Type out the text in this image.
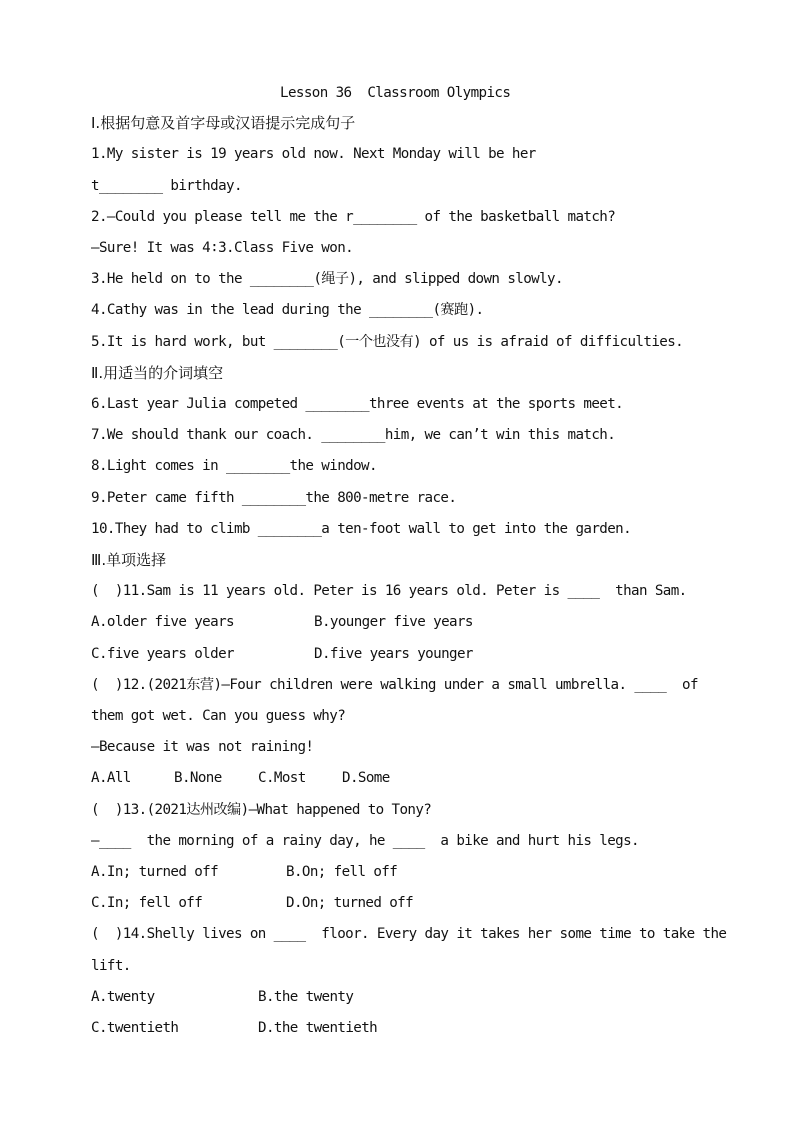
Lesson 36  Classroom Olympics
Ⅰ.根据句意及首字母或汉语提示完成句子
1.My sister is 19 years old now. Next Monday will be her
t________ birthday.
2.—Could you please tell me the r________ of the basketball match?
—Sure! It was 4∶3.Class Five won.
3.He held on to the ________(绳子), and slipped down slowly.
4.Cathy was in the lead during the ________(赛跑).
5.It is hard work, but ________(一个也没有) of us is afraid of difficulties.
Ⅱ.用适当的介词填空
6.Last year Julia competed ________three events at the sports meet.
7.We should thank our coach. ________him, we can’t win this match.
8.Light comes in ________the window.
9.Peter came fifth ________the 800-metre race.
10.They had to climb ________a ten-foot wall to get into the garden.
Ⅲ.单项选择
(  )11.Sam is 11 years old. Peter is 16 years old. Peter is ____  than Sam.
A.older five years	B.younger five years
C.five years older	D.five years younger
(  )12.(2021东营)—Four children were walking under a small umbrella. ____  of
them got wet. Can you guess why?
—Because it was not raining!
A.All	B.None	C.Most	D.Some
(  )13.(2021达州改编)—What happened to Tony?
—____  the morning of a rainy day, he ____  a bike and hurt his legs.
A.In; turned off	B.On; fell off
C.In; fell off	D.On; turned off
(  )14.Shelly lives on ____  floor. Every day it takes her some time to take the
lift.
A.twenty	B.the twenty
C.twentieth	D.the twentieth
